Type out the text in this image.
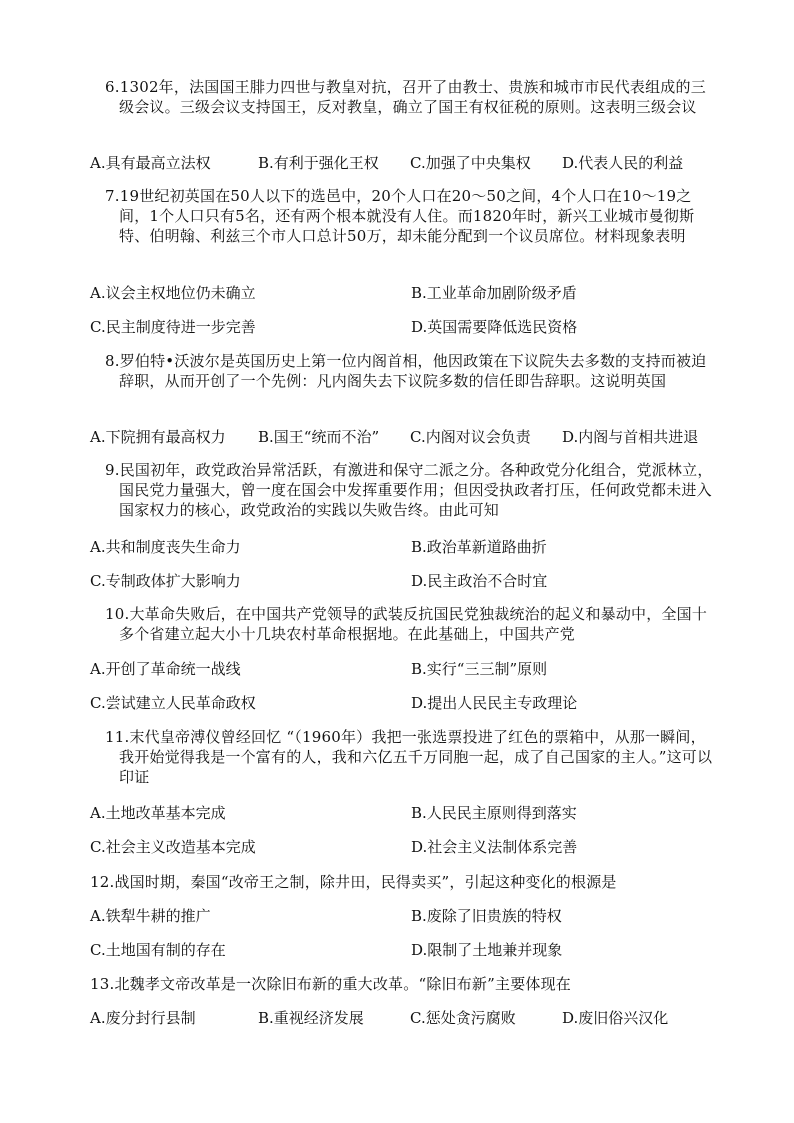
6.1302年，法国国王腓力四世与教皇对抗，召开了由教士、贵族和城市市民代表组成的三级会议。三级会议支持国王，反对教皇，确立了国王有权征税的原则。这表明三级会议
A.具有最高立法权	B.有利于强化王权 C.加强了中央集权 D.代表人民的利益
7.19世纪初英国在50人以下的选邑中，20个人口在20～50之间，4个人口在10～19之间，1个人口只有5名，还有两个根本就没有人住。而1820年时，新兴工业城市曼彻斯特、伯明翰、利兹三个市人口总计50万，却未能分配到一个议员席位。材料现象表明
A.议会主权地位仍未确立	B.工业革命加剧阶级矛盾
C.民主制度待进一步完善	D.英国需要降低选民资格
8.罗伯特•沃波尔是英国历史上第一位内阁首相，他因政策在下议院失去多数的支持而被迫辞职，从而开创了一个先例：凡内阁失去下议院多数的信任即告辞职。这说明英国
A.下院拥有最高权力 B.国王“统而不治” C.内阁对议会负责 D.内阁与首相共进退
9.民国初年，政党政治异常活跃，有激进和保守二派之分。各种政党分化组合，党派林立，国民党力量强大，曾一度在国会中发挥重要作用；但因受执政者打压，任何政党都未进入国家权力的核心，政党政治的实践以失败告终。由此可知
A.共和制度丧失生命力	B.政治革新道路曲折
C.专制政体扩大影响力	D.民主政治不合时宜
10.大革命失败后，在中国共产党领导的武装反抗国民党独裁统治的起义和暴动中，全国十多个省建立起大小十几块农村革命根据地。在此基础上，中国共产党
A.开创了革命统一战线	B.实行“三三制”原则
C.尝试建立人民革命政权	D.提出人民民主专政理论
11.末代皇帝溥仪曾经回忆 “（1960年）我把一张选票投进了红色的票箱中，从那一瞬间，我开始觉得我是一个富有的人，我和六亿五千万同胞一起，成了自己国家的主人。”这可以印证
A.土地改革基本完成	B.人民民主原则得到落实
C.社会主义改造基本完成	D.社会主义法制体系完善
12.战国时期，秦国“改帝王之制，除井田，民得卖买”，引起这种变化的根源是
A.铁犁牛耕的推广	B.废除了旧贵族的特权
C.土地国有制的存在	D.限制了土地兼并现象
13.北魏孝文帝改革是一次除旧布新的重大改革。“除旧布新”主要体现在
A.废分封行县制	B.重视经济发展	C.惩处贪污腐败	D.废旧俗兴汉化
